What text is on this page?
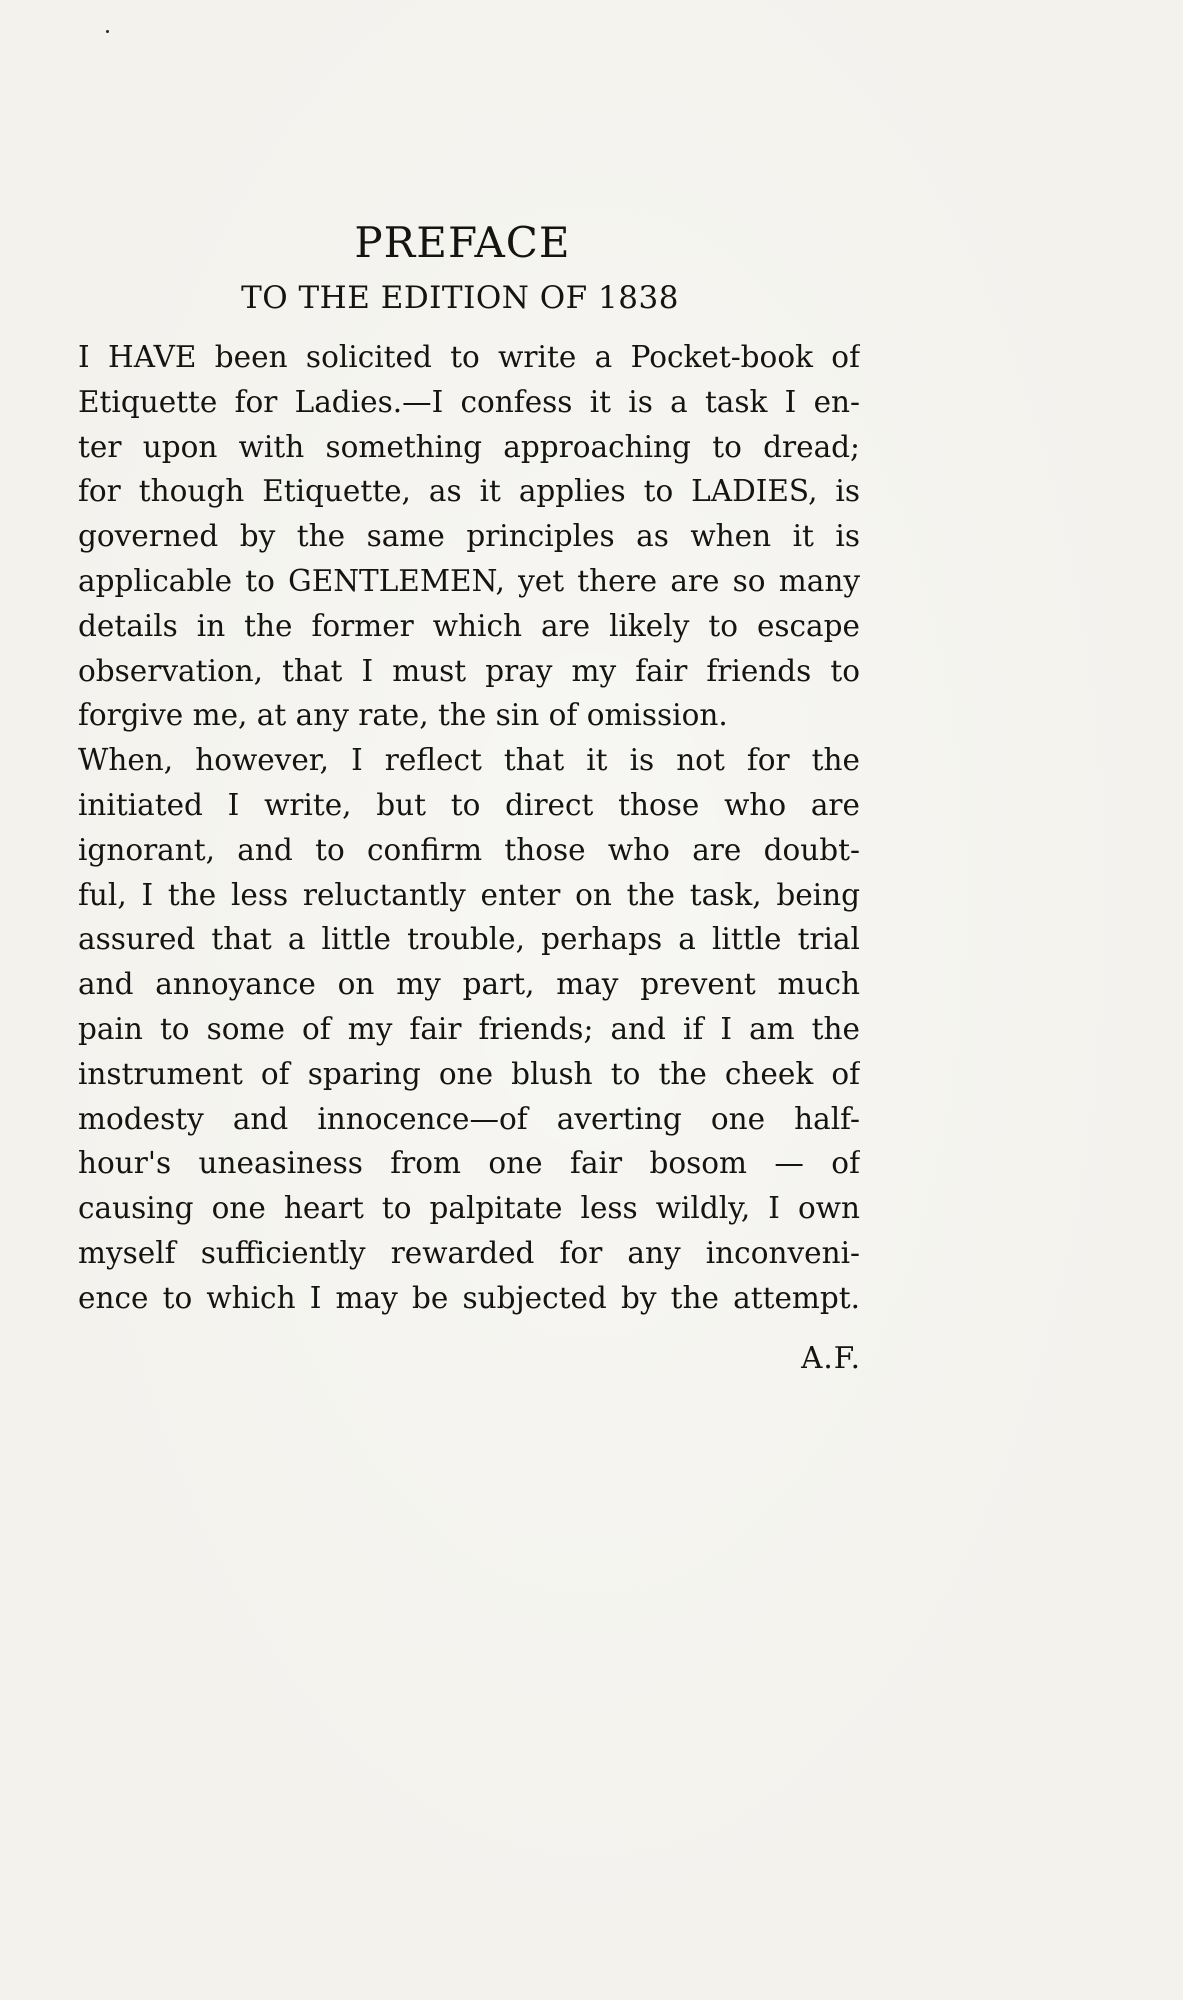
PREFACE
TO THE EDITION OF 1838
I HAVE been solicited to write a Pocket-book of
Etiquette for Ladies.—I confess it is a task I en-
ter upon with something approaching to dread;
for though Etiquette, as it applies to LADIES, is
governed by the same principles as when it is
applicable to GENTLEMEN, yet there are so many
details in the former which are likely to escape
observation, that I must pray my fair friends to
forgive me, at any rate, the sin of omission.
When, however, I reflect that it is not for the
initiated I write, but to direct those who are
ignorant, and to confirm those who are doubt-
ful, I the less reluctantly enter on the task, being
assured that a little trouble, perhaps a little trial
and annoyance on my part, may prevent much
pain to some of my fair friends; and if I am the
instrument of sparing one blush to the cheek of
modesty and innocence—of averting one half-
hour's uneasiness from one fair bosom — of
causing one heart to palpitate less wildly, I own
myself sufficiently rewarded for any inconveni-
ence to which I may be subjected by the attempt.
A.F.
